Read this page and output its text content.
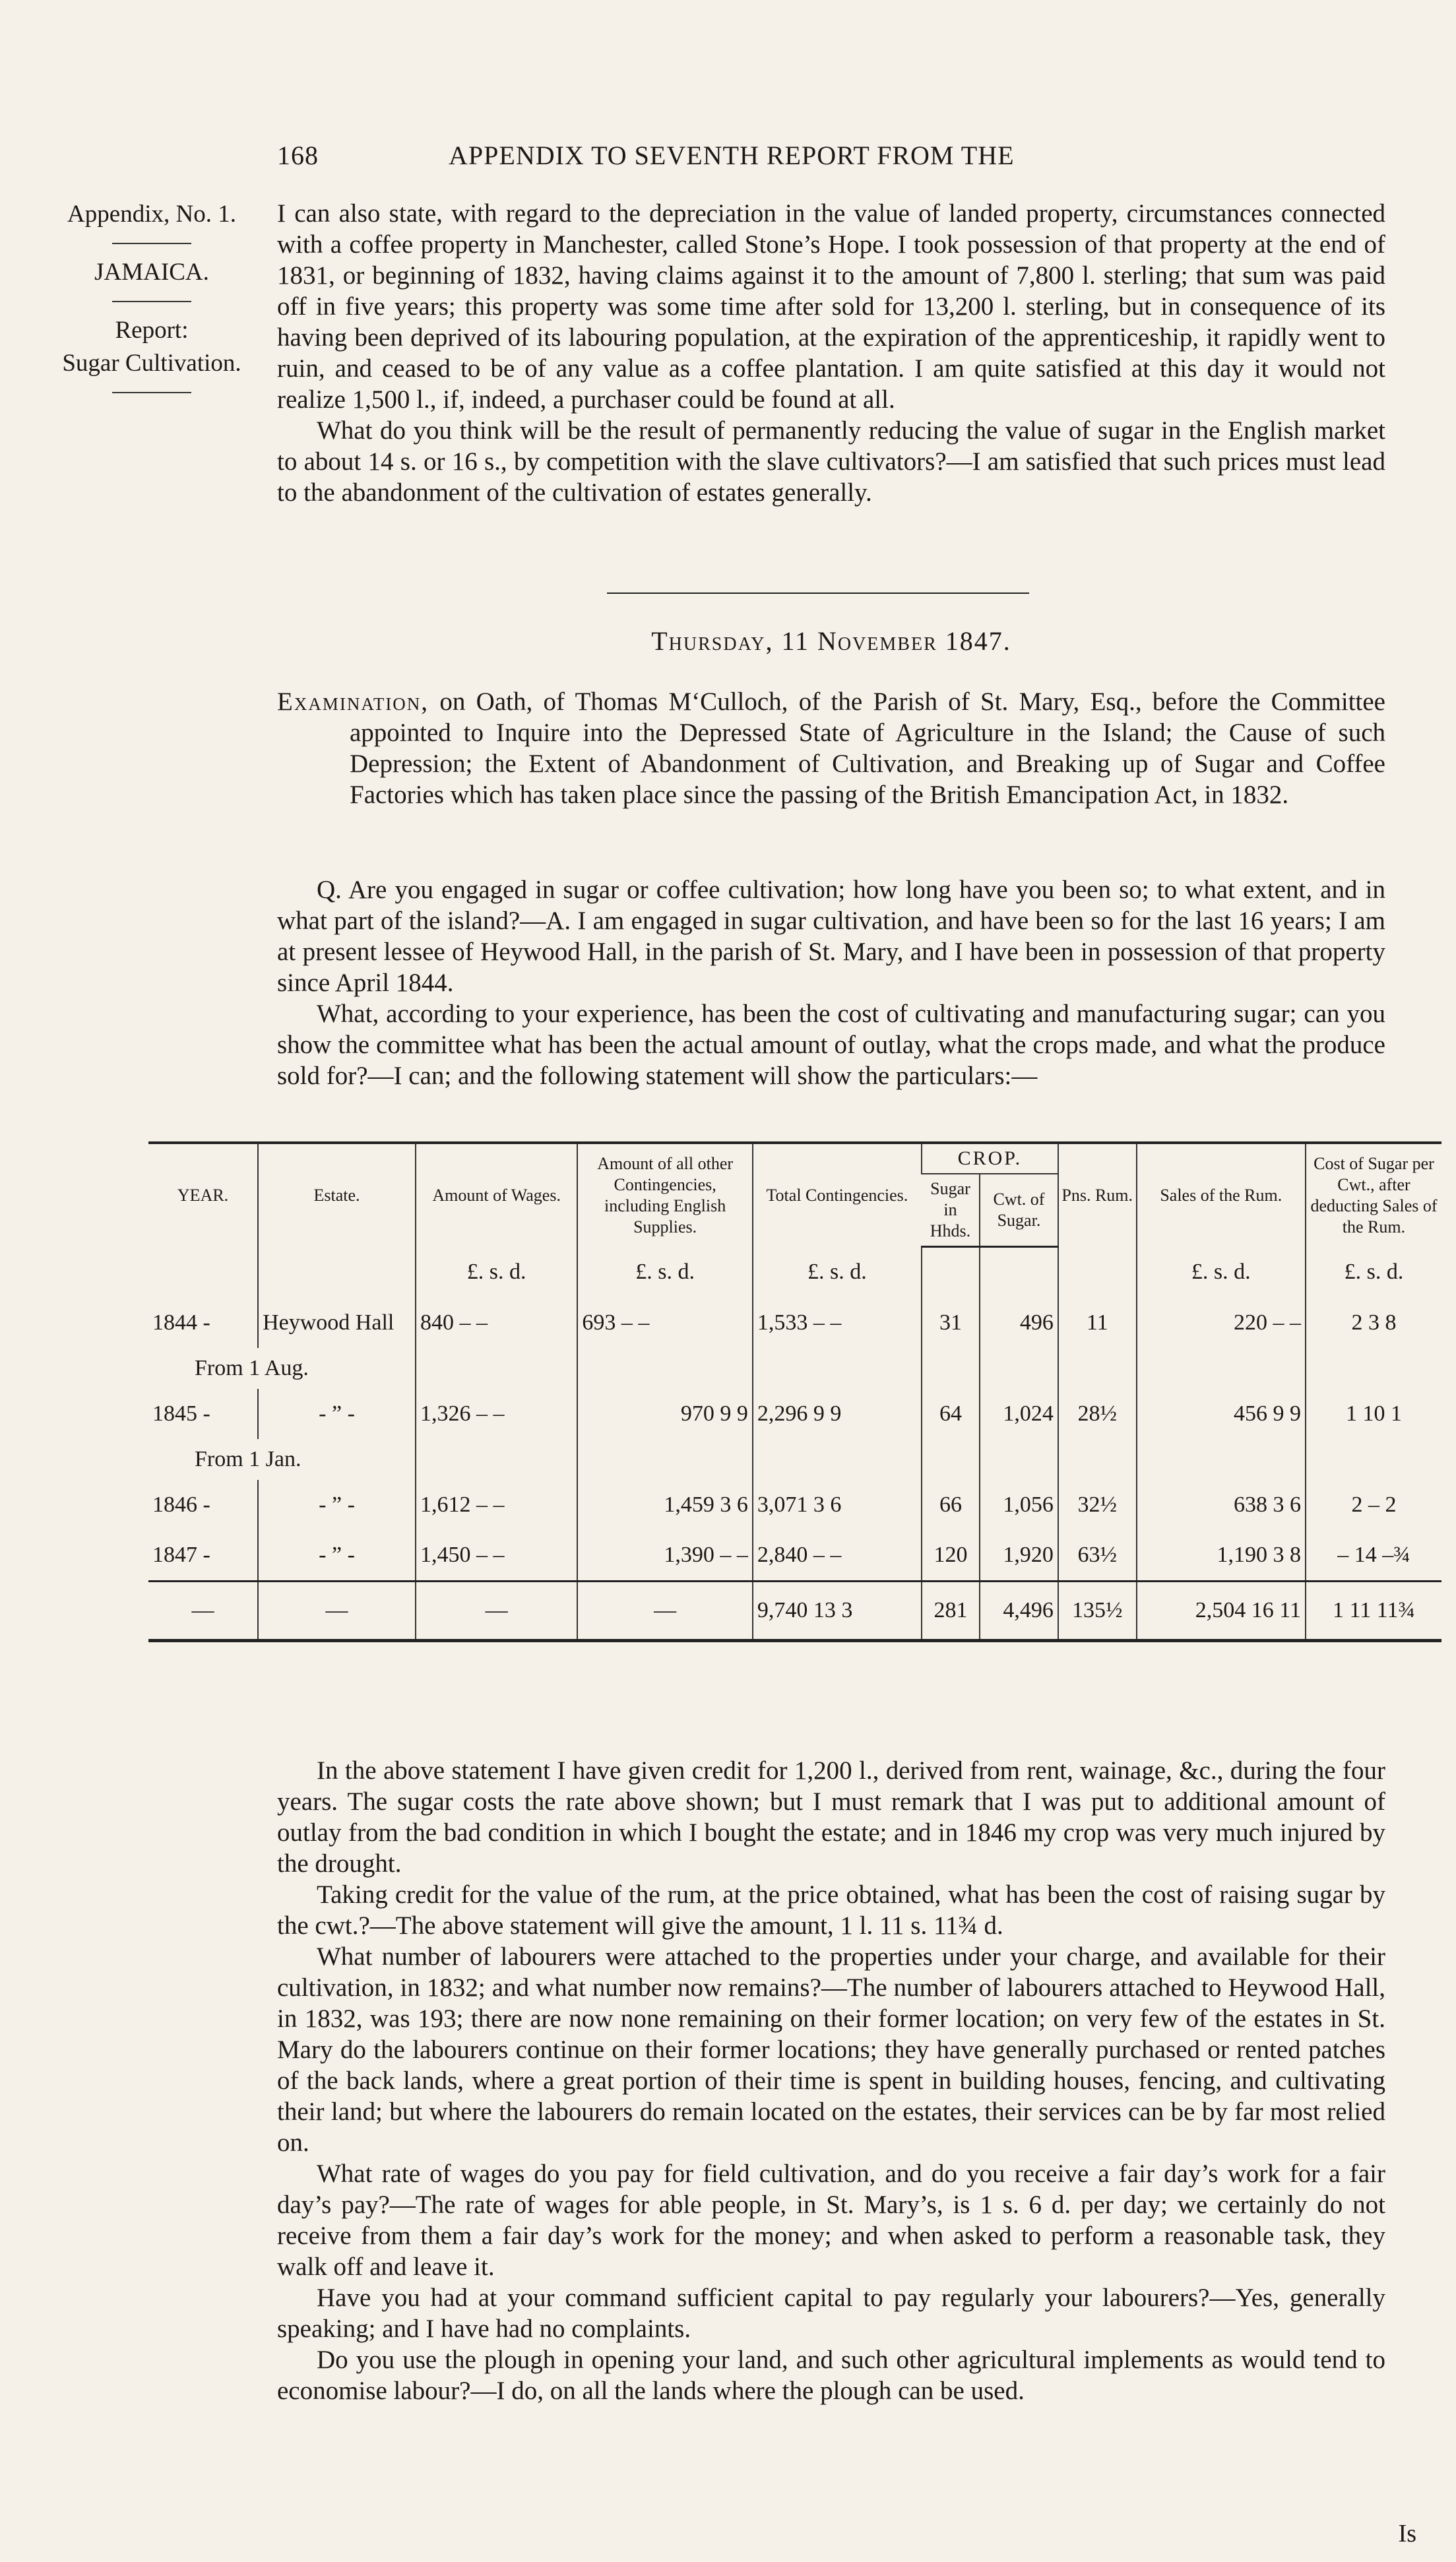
168	APPENDIX TO SEVENTH REPORT FROM THE
Appendix, No. 1.
JAMAICA.
Report:
Sugar Cultivation.

I can also state, with regard to the depreciation in the value of landed property, circumstances connected with a coffee property in Manchester, called Stone’s Hope. I took possession of that property at the end of 1831, or beginning of 1832, having claims against it to the amount of 7,800 l. sterling; that sum was paid off in five years; this property was some time after sold for 13,200 l. sterling, but in consequence of its having been deprived of its labouring population, at the expiration of the apprenticeship, it rapidly went to ruin, and ceased to be of any value as a coffee plantation. I am quite satisfied at this day it would not realize 1,500 l., if, indeed, a purchaser could be found at all.

What do you think will be the result of permanently reducing the value of sugar in the English market to about 14 s. or 16 s., by competition with the slave cultivators?—I am satisfied that such prices must lead to the abandonment of the cultivation of estates generally.

Thursday, 11 November 1847.

Examination, on Oath, of Thomas M‘Culloch, of the Parish of St. Mary, Esq., before the Committee appointed to Inquire into the Depressed State of Agriculture in the Island; the Cause of such Depression; the Extent of Abandonment of Cultivation, and Breaking up of Sugar and Coffee Factories which has taken place since the passing of the British Emancipation Act, in 1832.

Q. Are you engaged in sugar or coffee cultivation; how long have you been so; to what extent, and in what part of the island?—A. I am engaged in sugar cultivation, and have been so for the last 16 years; I am at present lessee of Heywood Hall, in the parish of St. Mary, and I have been in possession of that property since April 1844.

What, according to your experience, has been the cost of cultivating and manufacturing sugar; can you show the committee what has been the actual amount of outlay, what the crops made, and what the produce sold for?—I can; and the following statement will show the particulars:—

YEAR.	Estate.	Amount of Wages.	Amount of all other Contingencies, including English Supplies.	Total Contingencies.	CROP.		Pns. Rum.	Sales of the Rum.	Cost of Sugar per Cwt., after deducting Sales of the Rum.
					Sugar in Hhds.	Cwt. of Sugar.			
		£. s. d.	£. s. d.	£. s. d.				£. s. d.	£. s. d.
1844 -	Heywood Hall	840 – –	693 – –	1,533 – –	31	496	11	220 – –	2 3 8
From 1 Aug.									
1845 -	- ” -	1,326 – –	970 9 9	2,296 9 9	64	1,024	28½	456 9 9	1 10 1
From 1 Jan.									
1846 -	- ” -	1,612 – –	1,459 3 6	3,071 3 6	66	1,056	32½	638 3 6	2 – 2
1847 -	- ” -	1,450 – –	1,390 – –	2,840 – –	120	1,920	63½	1,190 3 8	– 14 –¾
—	—	—	—	9,740 13 3	281	4,496	135½	2,504 16 11	1 11 11¾

In the above statement I have given credit for 1,200 l., derived from rent, wainage, &c., during the four years. The sugar costs the rate above shown; but I must remark that I was put to additional amount of outlay from the bad condition in which I bought the estate; and in 1846 my crop was very much injured by the drought.

Taking credit for the value of the rum, at the price obtained, what has been the cost of raising sugar by the cwt.?—The above statement will give the amount, 1 l. 11 s. 11¾ d.

What number of labourers were attached to the properties under your charge, and available for their cultivation, in 1832; and what number now remains?—The number of labourers attached to Heywood Hall, in 1832, was 193; there are now none remaining on their former location; on very few of the estates in St. Mary do the labourers continue on their former locations; they have generally purchased or rented patches of the back lands, where a great portion of their time is spent in building houses, fencing, and cultivating their land; but where the labourers do remain located on the estates, their services can be by far most relied on.

What rate of wages do you pay for field cultivation, and do you receive a fair day’s work for a fair day’s pay?—The rate of wages for able people, in St. Mary’s, is 1 s. 6 d. per day; we certainly do not receive from them a fair day’s work for the money; and when asked to perform a reasonable task, they walk off and leave it.

Have you had at your command sufficient capital to pay regularly your labourers?—Yes, generally speaking; and I have had no complaints.

Do you use the plough in opening your land, and such other agricultural implements as would tend to economise labour?—I do, on all the lands where the plough can be used.

Is
